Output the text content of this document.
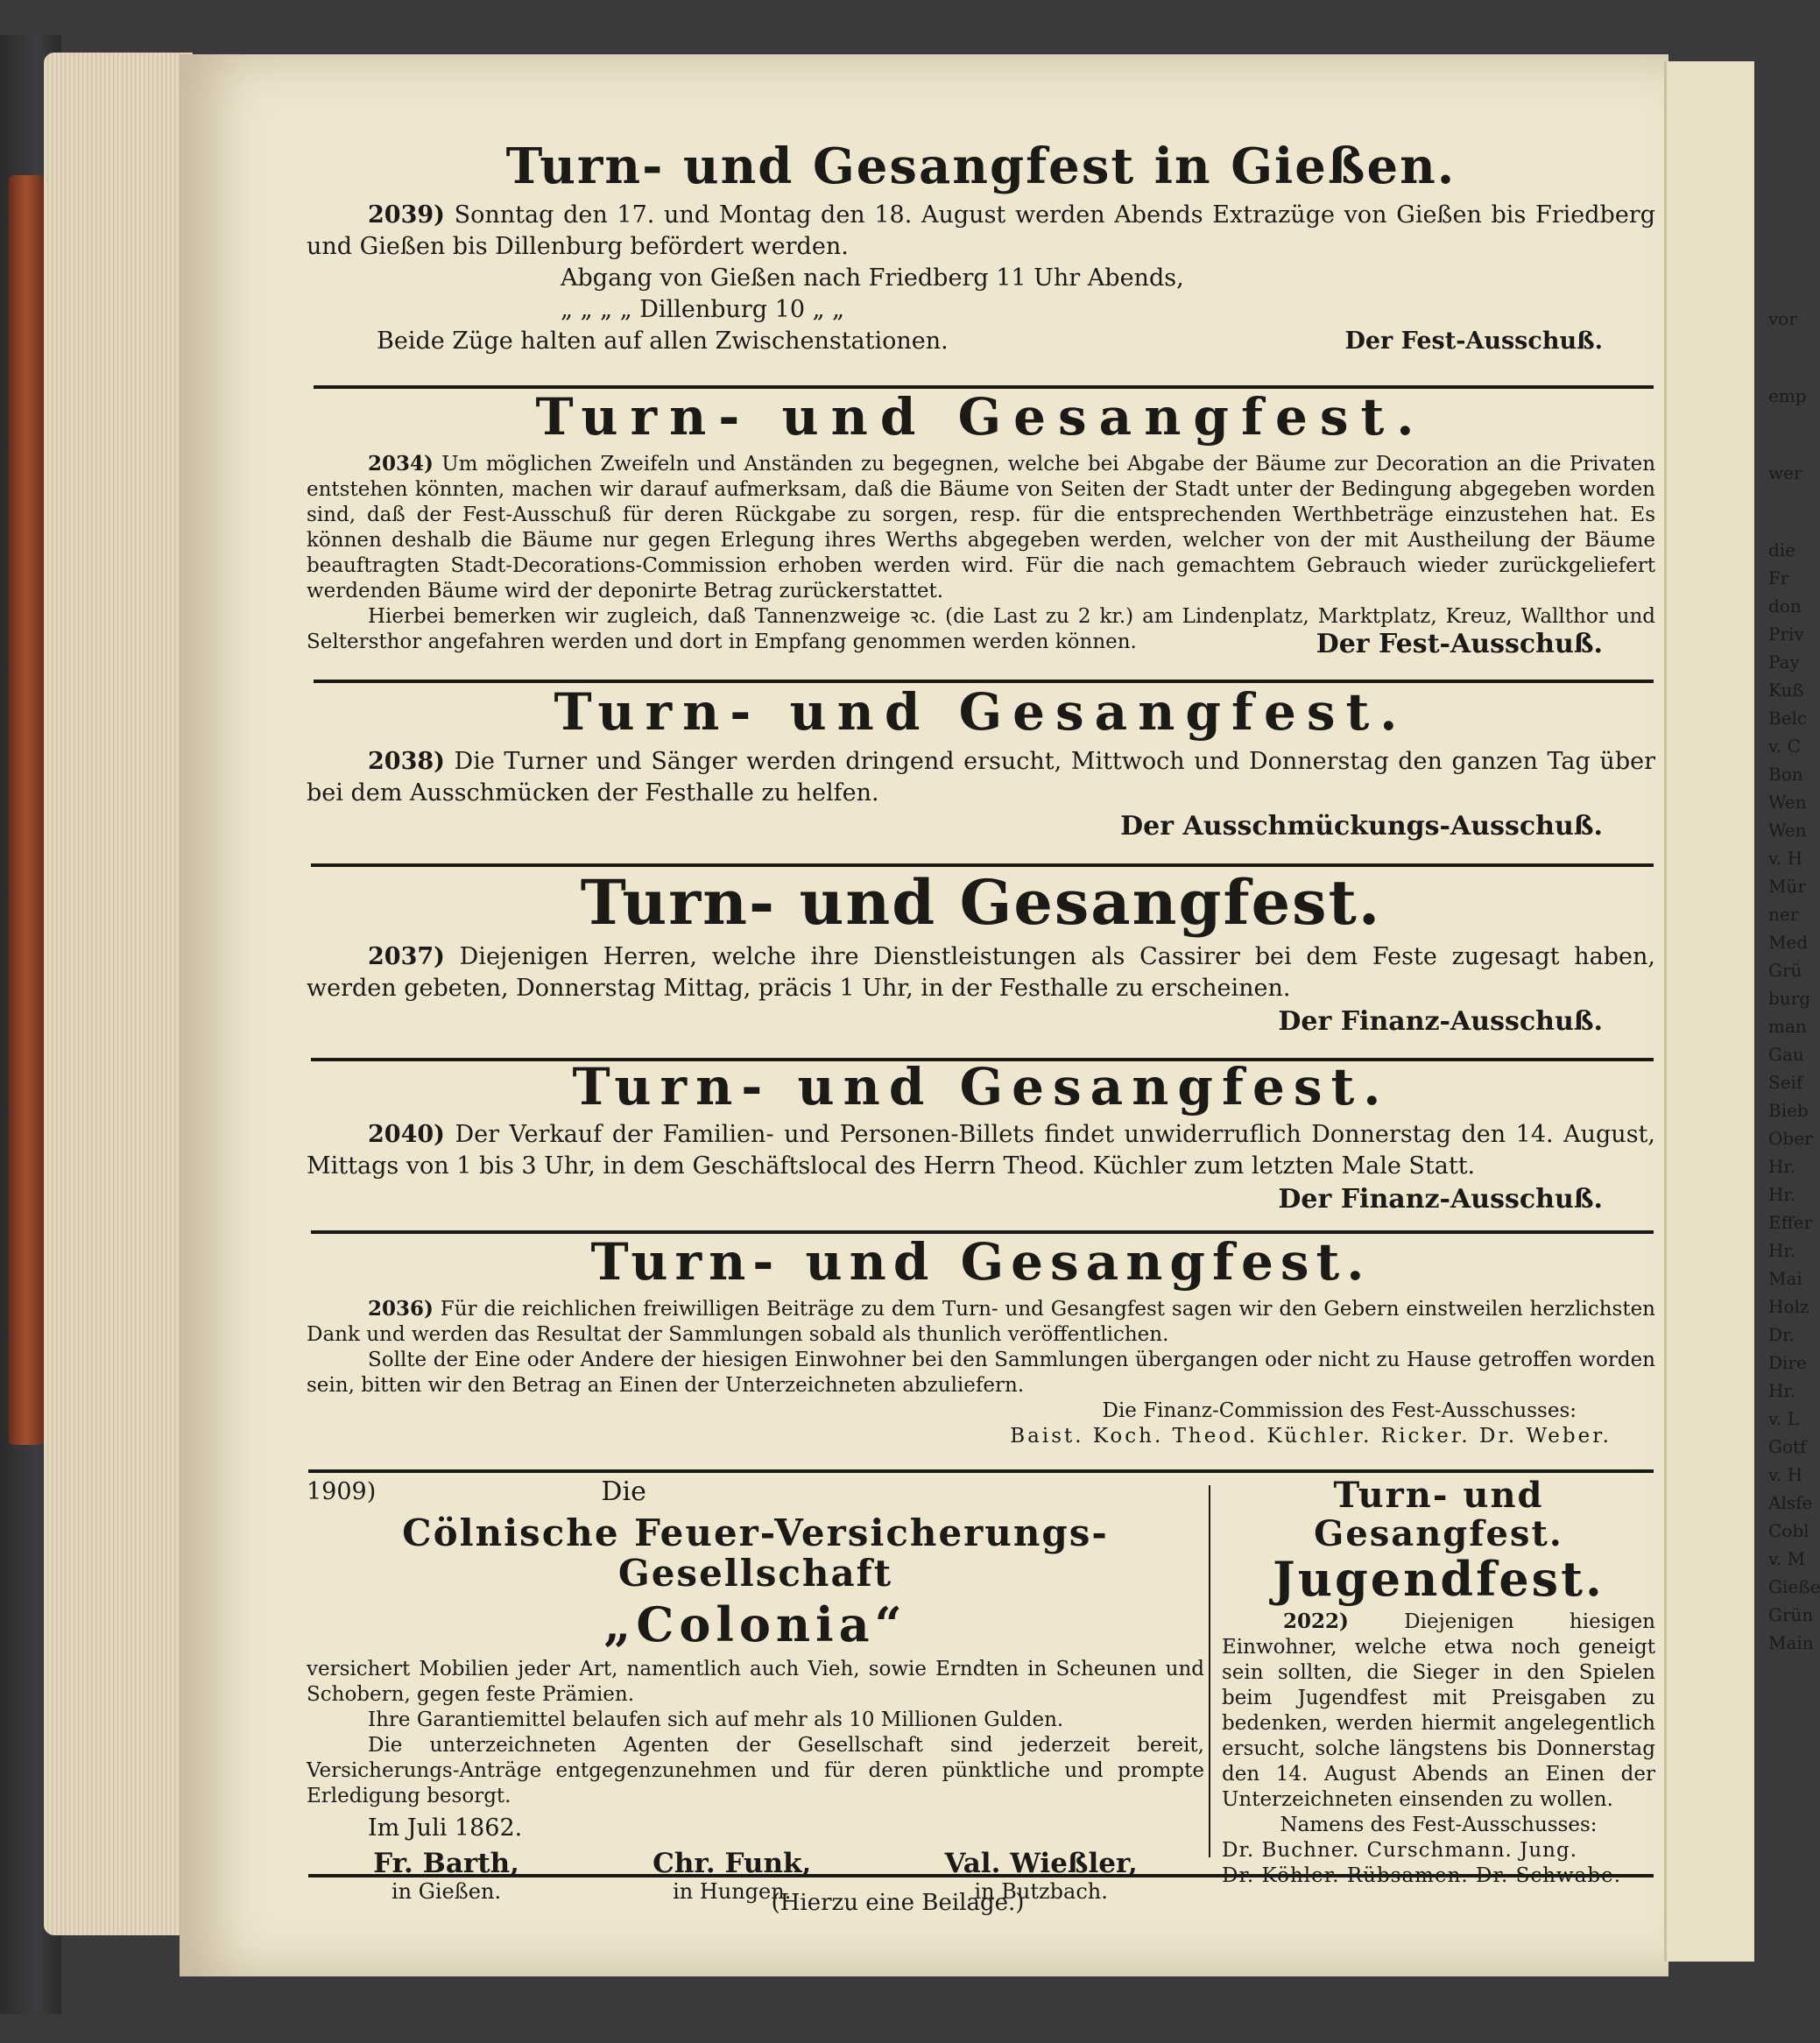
vor
emp
wer
die
Fr
don
Priv
Pay
Kuß
Belc
v. C
Bon
Wen
Wen
v. H
Mür
ner
Med
Grü
burg
man
Gau
Seif
Bieb
Ober
Hr.
Hr.
Effer
Hr.
Mai
Holz
Dr.
Dire
Hr.
v. L
Gotf
v. H
Alsfe
Cobl
v. M
Gieße
Grün
Main
Turn- und Gesangfest in Gießen.

2039) Sonntag den 17. und Montag den 18. August werden Abends Extrazüge von Gießen bis Friedberg und Gießen bis Dillenburg befördert werden.

Abgang von Gießen nach Friedberg 11 Uhr Abends,

„ „ „ „ Dillenburg 10 „ „

Beide Züge halten auf allen Zwischenstationen.	Der Fest-Ausschuß.
Turn- und Gesangfest.

2034) Um möglichen Zweifeln und Anständen zu begegnen, welche bei Abgabe der Bäume zur Decoration an die Privaten entstehen könnten, machen wir darauf aufmerksam, daß die Bäume von Seiten der Stadt unter der Bedingung abgegeben worden sind, daß der Fest-Ausschuß für deren Rückgabe zu sorgen, resp. für die entsprechenden Werthbeträge einzustehen hat. Es können deshalb die Bäume nur gegen Erlegung ihres Werths abgegeben werden, welcher von der mit Austheilung der Bäume beauftragten Stadt-Decorations-Commission erhoben werden wird. Für die nach gemachtem Gebrauch wieder zurückgeliefert werdenden Bäume wird der deponirte Betrag zurückerstattet.

Hierbei bemerken wir zugleich, daß Tannenzweige ꝛc. (die Last zu 2 kr.) am Lindenplatz, Marktplatz, Kreuz, Wallthor und Seltersthor angefahren werden und dort in Empfang genommen werden können.	Der Fest-Ausschuß.

Turn- und Gesangfest.

2038) Die Turner und Sänger werden dringend ersucht, Mittwoch und Donnerstag den ganzen Tag über bei dem Ausschmücken der Festhalle zu helfen.

Der Ausschmückungs-Ausschuß.

Turn- und Gesangfest.

2037) Diejenigen Herren, welche ihre Dienstleistungen als Cassirer bei dem Feste zugesagt haben, werden gebeten, Donnerstag Mittag, präcis 1 Uhr, in der Festhalle zu erscheinen.

Der Finanz-Ausschuß.

Turn- und Gesangfest.

2040) Der Verkauf der Familien- und Personen-Billets findet unwiderruflich Donnerstag den 14. August, Mittags von 1 bis 3 Uhr, in dem Geschäftslocal des Herrn Theod. Küchler zum letzten Male Statt.

Der Finanz-Ausschuß.

Turn- und Gesangfest.

2036) Für die reichlichen freiwilligen Beiträge zu dem Turn- und Gesangfest sagen wir den Gebern einstweilen herzlichsten Dank und werden das Resultat der Sammlungen sobald als thunlich veröffentlichen.

Sollte der Eine oder Andere der hiesigen Einwohner bei den Sammlungen übergangen oder nicht zu Hause getroffen worden sein, bitten wir den Betrag an Einen der Unterzeichneten abzuliefern.

Die Finanz-Commission des Fest-Ausschusses:

Baist. Koch. Theod. Küchler. Ricker. Dr. Weber.

1909)	Die
Cölnische Feuer-Versicherungs-Gesellschaft
„Colonia“

versichert Mobilien jeder Art, namentlich auch Vieh, sowie Erndten in Scheunen und Schobern, gegen feste Prämien.

Ihre Garantiemittel belaufen sich auf mehr als 10 Millionen Gulden.

Die unterzeichneten Agenten der Gesellschaft sind jederzeit bereit, Versicherungs-Anträge entgegenzunehmen und für deren pünktliche und prompte Erledigung besorgt.

Im Juli 1862.

Fr. Barth,
in Gießen.
Chr. Funk,
in Hungen.
Val. Wießler,
in Butzbach.
Turn- und Gesangfest.
Jugendfest.

2022)	Diejenigen hiesigen Einwohner, welche etwa noch geneigt sein sollten, die Sieger in den Spielen beim Jugendfest mit Preisgaben zu bedenken, werden hiermit angelegentlich ersucht, solche längstens bis Donnerstag den 14. August Abends an Einen der Unterzeichneten einsenden zu wollen.

Namens des Fest-Ausschusses:

Dr. Buchner. Curschmann. Jung.

Dr. Köhler. Rübsamen. Dr. Schwabe.

(Hierzu eine Beilage.)
